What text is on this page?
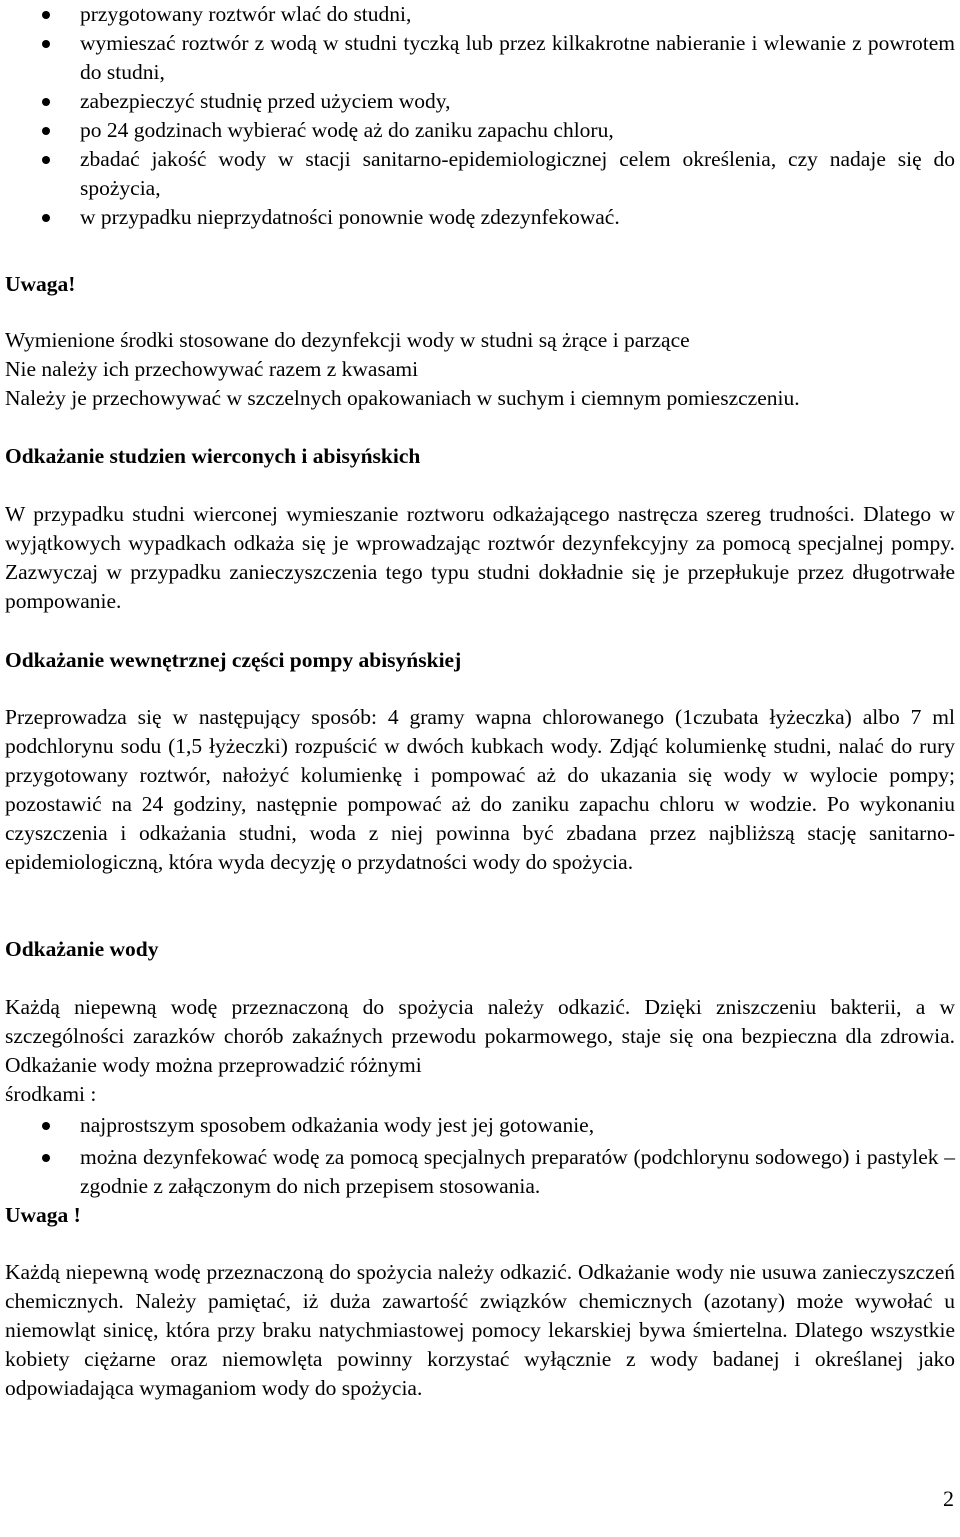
przygotowany roztwór wlać do studni,
wymieszać roztwór z wodą w studni tyczką lub przez kilkakrotne nabieranie i wlewanie z powrotem do studni,
zabezpieczyć studnię przed użyciem wody,
po 24 godzinach wybierać wodę aż do zaniku zapachu chloru,
zbadać jakość wody w stacji sanitarno-epidemiologicznej celem określenia, czy nadaje się do spożycia,
w przypadku nieprzydatności ponownie wodę zdezynfekować.

Uwaga!

Wymienione środki stosowane do dezynfekcji wody w studni są żrące i parzące

Nie należy ich przechowywać razem z kwasami

Należy je przechowywać w szczelnych opakowaniach w suchym i ciemnym pomieszczeniu.

Odkażanie studzien wierconych i abisyńskich

W przypadku studni wierconej wymieszanie roztworu odkażającego nastręcza szereg trudności. Dlatego w wyjątkowych wypadkach odkaża się je wprowadzając roztwór dezynfekcyjny za pomocą specjalnej pompy. Zazwyczaj w przypadku zanieczyszczenia tego typu studni dokładnie się je przepłukuje przez długotrwałe pompowanie.

Odkażanie wewnętrznej części pompy abisyńskiej

Przeprowadza się w następujący sposób: 4 gramy wapna chlorowanego (1czubata łyżeczka) albo 7 ml podchlorynu sodu (1,5 łyżeczki) rozpuścić w dwóch kubkach wody. Zdjąć kolumienkę studni, nalać do rury przygotowany roztwór, nałożyć kolumienkę i pompować aż do ukazania się wody w wylocie pompy; pozostawić na 24 godziny, następnie pompować aż do zaniku zapachu chloru w wodzie. Po wykonaniu czyszczenia i odkażania studni, woda z niej powinna być zbadana przez najbliższą stację sanitarno-epidemiologiczną, która wyda decyzję o przydatności wody do spożycia.

Odkażanie wody

Każdą niepewną wodę przeznaczoną do spożycia należy odkazić. Dzięki zniszczeniu bakterii, a w szczególności zarazków chorób zakaźnych przewodu pokarmowego, staje się ona bezpieczna dla zdrowia. Odkażanie wody można przeprowadzić różnymi

środkami :

najprostszym sposobem odkażania wody jest jej gotowanie,
można dezynfekować wodę za pomocą specjalnych preparatów (podchlorynu sodowego) i pastylek –zgodnie z załączonym do nich przepisem stosowania.

Uwaga !

Każdą niepewną wodę przeznaczoną do spożycia należy odkazić. Odkażanie wody nie usuwa zanieczyszczeń chemicznych. Należy pamiętać, iż duża zawartość związków chemicznych (azotany) może wywołać u niemowląt sinicę, która przy braku natychmiastowej pomocy lekarskiej bywa śmiertelna. Dlatego wszystkie kobiety ciężarne oraz niemowlęta powinny korzystać wyłącznie z wody badanej i określanej jako odpowiadająca wymaganiom wody do spożycia.

2
